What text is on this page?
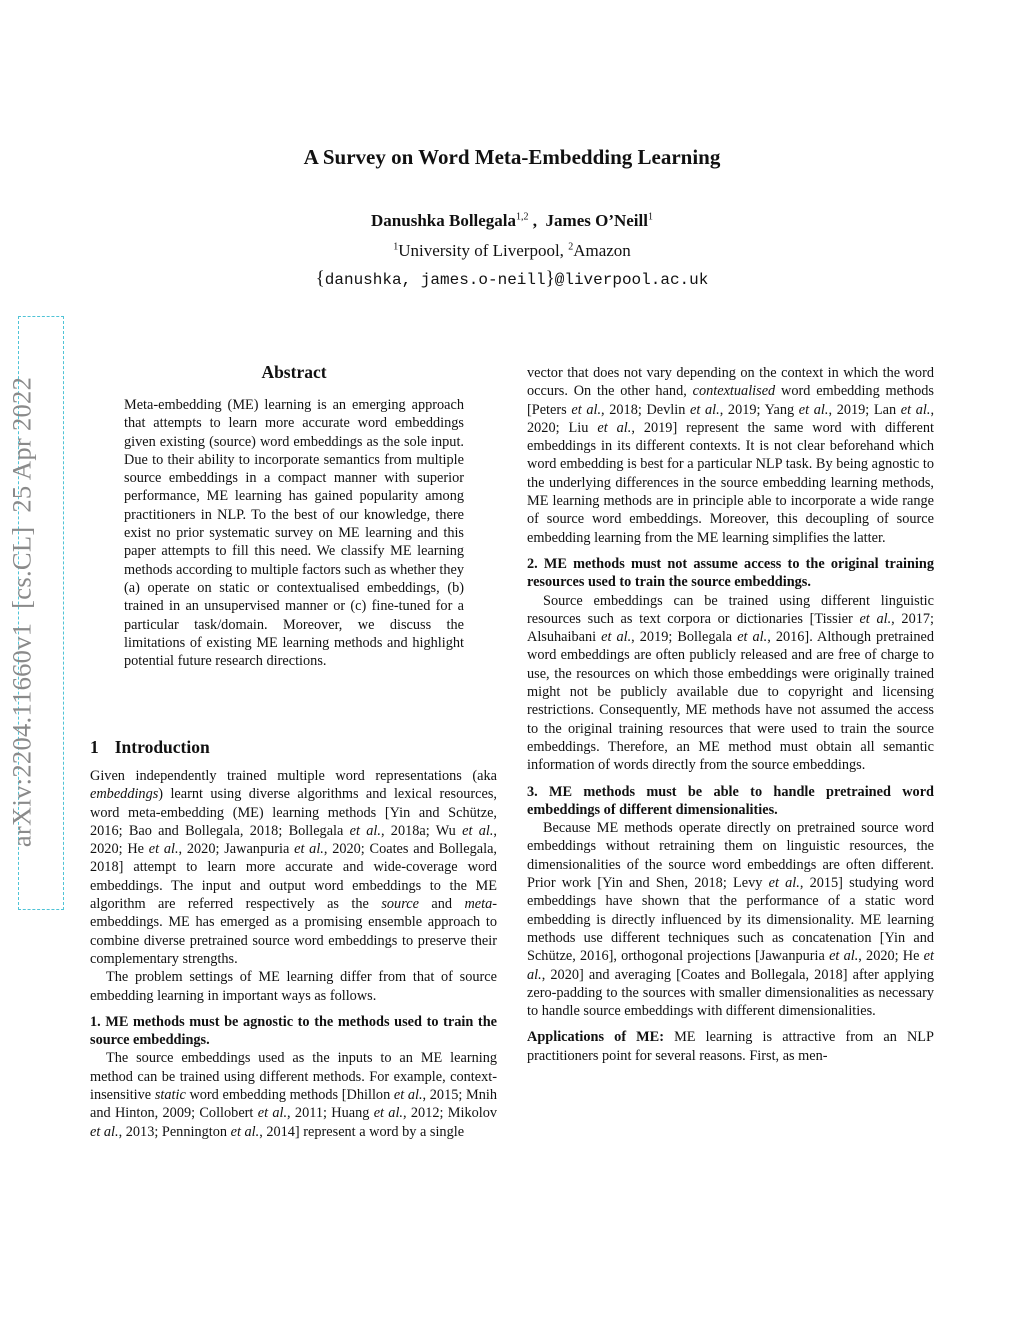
A Survey on Word Meta-Embedding Learning
Danushka Bollegala$^{1,2}$ ,  James O’Neill$^1$
$^1$University of Liverpool, $^2$Amazon
{danushka, james.o-neill}@liverpool.ac.uk
arXiv:2204.11660v1  [cs.CL]  25 Apr 2022
Abstract

Meta-embedding (ME) learning is an emerging approach that attempts to learn more accurate word embeddings given existing (source) word embeddings as the sole input. Due to their ability to incorporate semantics from multiple source embeddings in a compact manner with superior performance, ME learning has gained popularity among practitioners in NLP. To the best of our knowledge, there exist no prior systematic survey on ME learning and this paper attempts to fill this need. We classify ME learning methods according to multiple factors such as whether they (a) operate on static or contextualised embeddings, (b) trained in an unsupervised manner or (c) fine-tuned for a particular task/domain. Moreover, we discuss the limitations of existing ME learning methods and highlight potential future research directions.

1 Introduction

Given independently trained multiple word representations (aka embeddings) learnt using diverse algorithms and lexical resources, word meta-embedding (ME) learning methods [Yin and Schütze, 2016; Bao and Bollegala, 2018; Bollegala et al., 2018a; Wu et al., 2020; He et al., 2020; Jawanpuria et al., 2020; Coates and Bollegala, 2018] attempt to learn more accurate and wide-coverage word embeddings. The input and output word embeddings to the ME algorithm are referred respectively as the source and meta-embeddings. ME has emerged as a promising ensemble approach to combine diverse pretrained source word embeddings to preserve their complementary strengths.

The problem settings of ME learning differ from that of source embedding learning in important ways as follows.

1. ME methods must be agnostic to the methods used to train the source embeddings.

The source embeddings used as the inputs to an ME learning method can be trained using different methods. For example, context-insensitive static word embedding methods [Dhillon et al., 2015; Mnih and Hinton, 2009; Collobert et al., 2011; Huang et al., 2012; Mikolov et al., 2013; Pennington et al., 2014] represent a word by a single

vector that does not vary depending on the context in which the word occurs. On the other hand, contextualised word embedding methods [Peters et al., 2018; Devlin et al., 2019; Yang et al., 2019; Lan et al., 2020; Liu et al., 2019] represent the same word with different embeddings in its different contexts. It is not clear beforehand which word embedding is best for a particular NLP task. By being agnostic to the underlying differences in the source embedding learning methods, ME learning methods are in principle able to incorporate a wide range of source word embeddings. Moreover, this decoupling of source embedding learning from the ME learning simplifies the latter.

2. ME methods must not assume access to the original training resources used to train the source embeddings.

Source embeddings can be trained using different linguistic resources such as text corpora or dictionaries [Tissier et al., 2017; Alsuhaibani et al., 2019; Bollegala et al., 2016]. Although pretrained word embeddings are often publicly released and are free of charge to use, the resources on which those embeddings were originally trained might not be publicly available due to copyright and licensing restrictions. Consequently, ME methods have not assumed the access to the original training resources that were used to train the source embeddings. Therefore, an ME method must obtain all semantic information of words directly from the source embeddings.

3. ME methods must be able to handle pretrained word embeddings of different dimensionalities.

Because ME methods operate directly on pretrained source word embeddings without retraining them on linguistic resources, the dimensionalities of the source word embeddings are often different. Prior work [Yin and Shen, 2018; Levy et al., 2015] studying word embeddings have shown that the performance of a static word embedding is directly influenced by its dimensionality. ME learning methods use different techniques such as concatenation [Yin and Schütze, 2016], orthogonal projections [Jawanpuria et al., 2020; He et al., 2020] and averaging [Coates and Bollegala, 2018] after applying zero-padding to the sources with smaller dimensionalities as necessary to handle source embeddings with different dimensionalities.

Applications of ME: ME learning is attractive from an NLP practitioners point for several reasons. First, as men-
